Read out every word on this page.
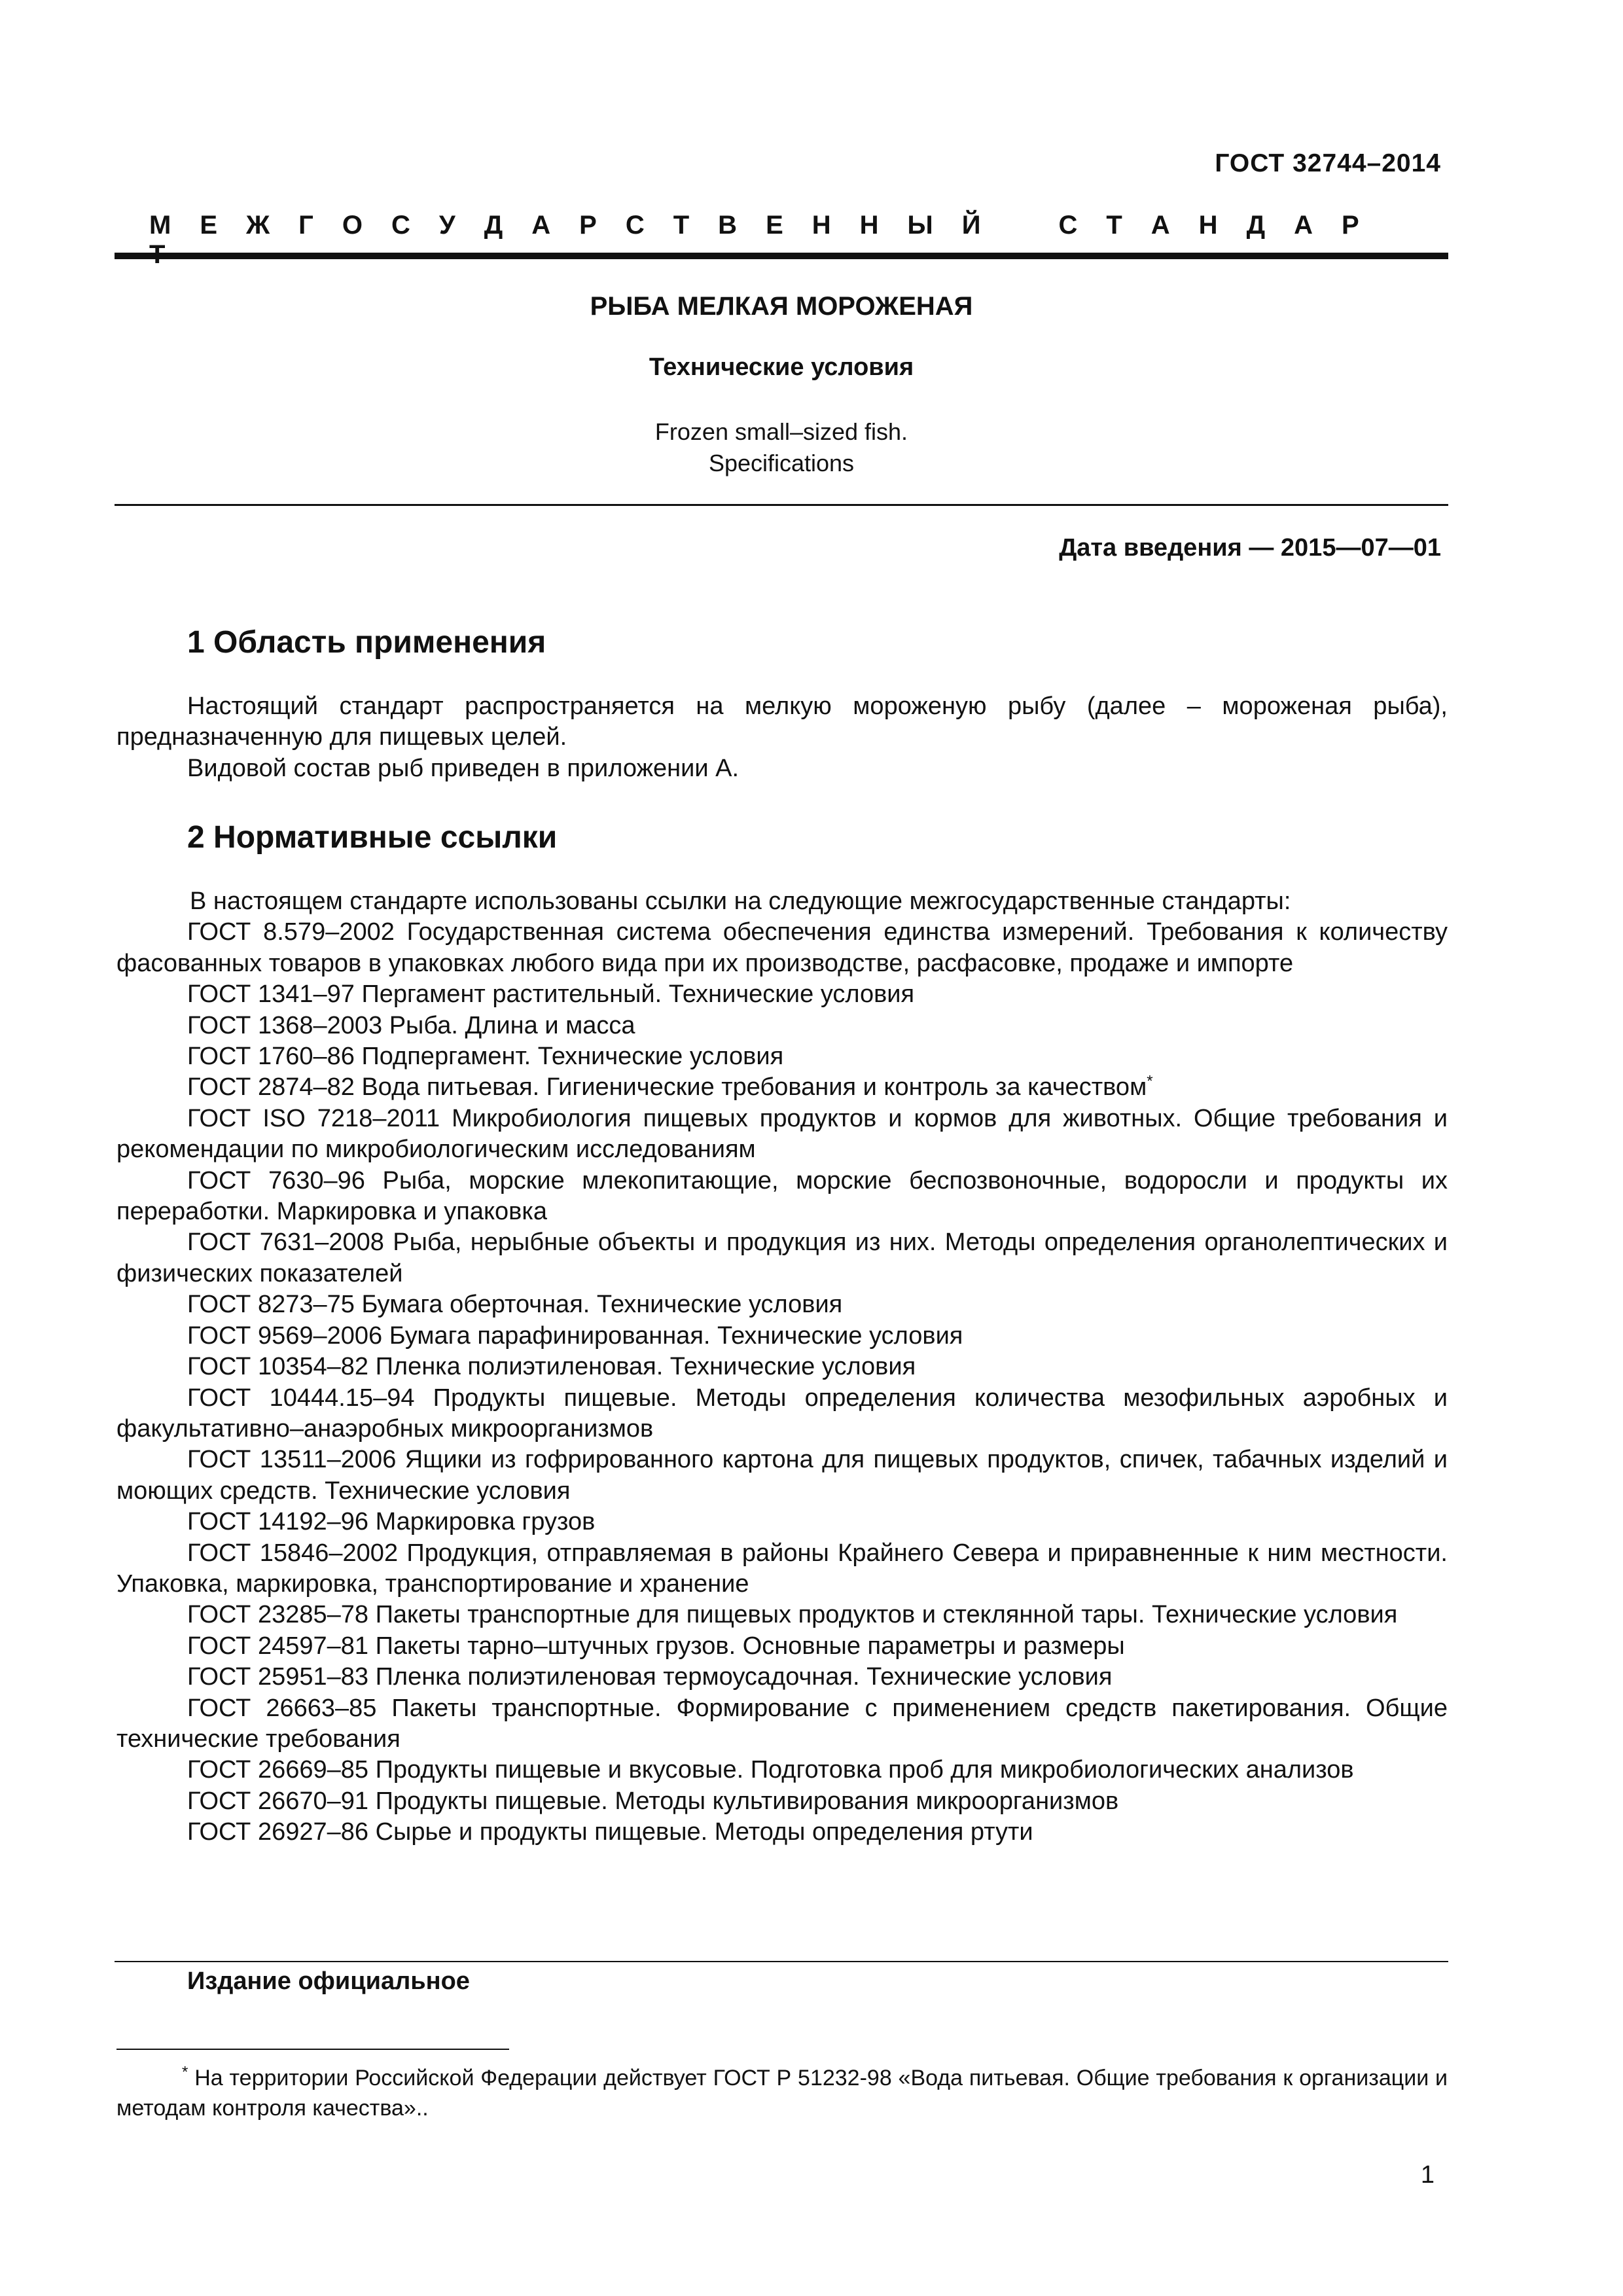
ГОСТ 32744–2014
М Е Ж Г О С У Д А Р С Т В Е Н Н Ы Й	С Т А Н Д А Р
РЫБА МЕЛКАЯ МОРОЖЕНАЯ
Технические условия
Frozen small–sized fish.
Specifications
Дата введения — 2015—07—01
1 Область применения

Настоящий стандарт распространяется на мелкую мороженую рыбу (далее – мороженая рыба), предназначенную для пищевых целей.

Видовой состав рыб приведен в приложении А.

2 Нормативные ссылки

В настоящем стандарте использованы ссылки на следующие межгосударственные стандарты:

ГОСТ 8.579–2002 Государственная система обеспечения единства измерений. Требования к количеству фасованных товаров в упаковках любого вида при их производстве, расфасовке, продаже и импорте

ГОСТ 1341–97 Пергамент растительный. Технические условия

ГОСТ 1368–2003 Рыба. Длина и масса

ГОСТ 1760–86 Подпергамент. Технические условия

ГОСТ 2874–82 Вода питьевая. Гигиенические требования и контроль за качеством*

ГОСТ ISO 7218–2011 Микробиология пищевых продуктов и кормов для животных. Общие требования и рекомендации по микробиологическим исследованиям

ГОСТ 7630–96 Рыба, морские млекопитающие, морские беспозвоночные, водоросли и продукты их переработки. Маркировка и упаковка

ГОСТ 7631–2008 Рыба, нерыбные объекты и продукция из них. Методы определения органолептических и физических показателей

ГОСТ 8273–75 Бумага оберточная. Технические условия

ГОСТ 9569–2006 Бумага парафинированная. Технические условия

ГОСТ 10354–82 Пленка полиэтиленовая. Технические условия

ГОСТ 10444.15–94 Продукты пищевые. Методы определения количества мезофильных аэробных и факультативно–анаэробных микроорганизмов

ГОСТ 13511–2006 Ящики из гофрированного картона для пищевых продуктов, спичек, табачных изделий и моющих средств. Технические условия

ГОСТ 14192–96 Маркировка грузов

ГОСТ 15846–2002 Продукция, отправляемая в районы Крайнего Севера и приравненные к ним местности. Упаковка, маркировка, транспортирование и хранение

ГОСТ 23285–78 Пакеты транспортные для пищевых продуктов и стеклянной тары. Технические условия

ГОСТ 24597–81 Пакеты тарно–штучных грузов. Основные параметры и размеры

ГОСТ 25951–83 Пленка полиэтиленовая термоусадочная. Технические условия

ГОСТ 26663–85 Пакеты транспортные. Формирование с применением средств пакетирования. Общие технические требования

ГОСТ 26669–85 Продукты пищевые и вкусовые. Подготовка проб для микробиологических анализов

ГОСТ 26670–91 Продукты пищевые. Методы культивирования микроорганизмов

ГОСТ 26927–86 Сырье и продукты пищевые. Методы определения ртути

Издание официальное

* На территории Российской Федерации действует ГОСТ Р 51232-98 «Вода питьевая. Общие требования к организации и методам контроля качества»..

1
